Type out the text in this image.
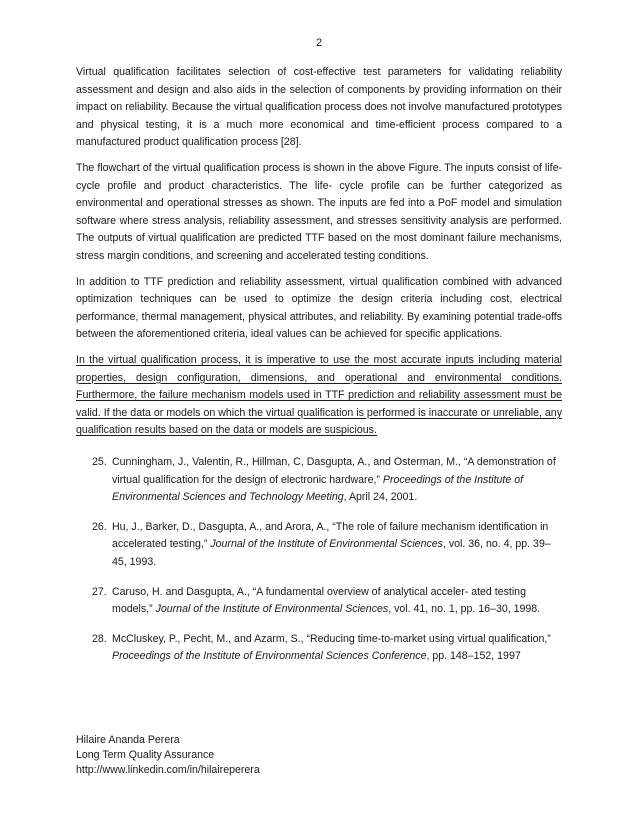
2

Virtual qualification facilitates selection of cost-effective test parameters for validating reliability assessment and design and also aids in the selection of components by providing information on their impact on reliability. Because the virtual qualification process does not involve manufactured prototypes and physical testing, it is a much more economical and time-efficient process compared to a manufactured product qualification process [28].

The flowchart of the virtual qualification process is shown in the above Figure. The inputs consist of life-cycle profile and product characteristics. The life- cycle profile can be further categorized as environmental and operational stresses as shown. The inputs are fed into a PoF model and simulation software where stress analysis, reliability assessment, and stresses sensitivity analysis are performed. The outputs of virtual qualification are predicted TTF based on the most dominant failure mechanisms, stress margin conditions, and screening and accelerated testing conditions.

In addition to TTF prediction and reliability assessment, virtual qualification combined with advanced optimization techniques can be used to optimize the design criteria including cost, electrical performance, thermal management, physical attributes, and reliability. By examining potential trade-offs between the aforementioned criteria, ideal values can be achieved for specific applications.

In the virtual qualification process, it is imperative to use the most accurate inputs including material properties, design configuration, dimensions, and operational and environmental conditions. Furthermore, the failure mechanism models used in TTF prediction and reliability assessment must be valid. If the data or models on which the virtual qualification is performed is inaccurate or unreliable, any qualification results based on the data or models are suspicious.

25. Cunningham, J., Valentin, R., Hillman, C, Dasgupta, A., and Osterman, M., “A demonstration of virtual qualification for the design of electronic hardware,” Proceedings of the Institute of Environmental Sciences and Technology Meeting, April 24, 2001.
26. Hu, J., Barker, D., Dasgupta, A., and Arora, A., “The role of failure mechanism identification in accelerated testing,” Journal of the Institute of Environmental Sciences, vol. 36, no. 4, pp. 39–45, 1993.
27. Caruso, H. and Dasgupta, A., “A fundamental overview of analytical acceler- ated testing models,” Journal of the Institute of Environmental Sciences, vol. 41, no. 1, pp. 16–30, 1998.
28. McCluskey, P., Pecht, M., and Azarm, S., “Reducing time-to-market using virtual qualification,” Proceedings of the Institute of Environmental Sciences Conference, pp. 148–152, 1997
Hilaire Ananda Perera
Long Term Quality Assurance
http://www.linkedin.com/in/hilaireperera
